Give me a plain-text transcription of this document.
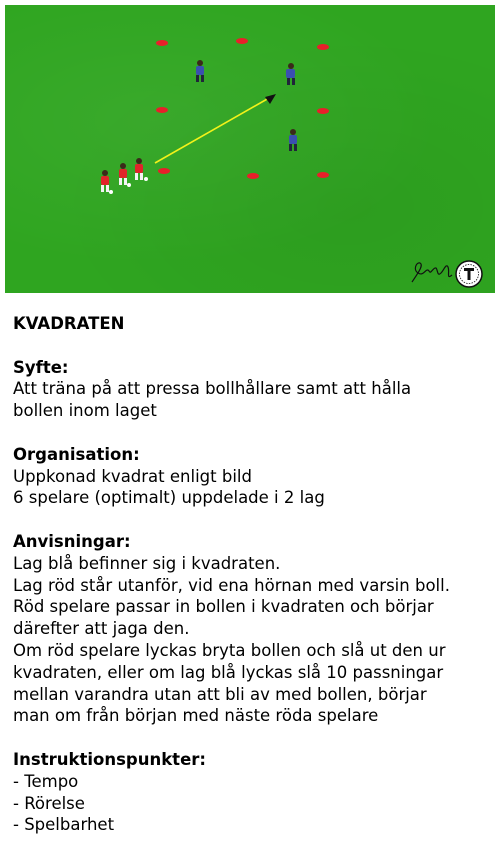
KVADRATEN
Syfte:
Att träna på att pressa bollhållare samt att hålla
bollen inom laget
Organisation:
Uppkonad kvadrat enligt bild
6 spelare (optimalt) uppdelade i 2 lag
Anvisningar:
Lag blå befinner sig i kvadraten.
Lag röd står utanför, vid ena hörnan med varsin boll.
Röd spelare passar in bollen i kvadraten och börjar
därefter att jaga den.
Om röd spelare lyckas bryta bollen och slå ut den ur
kvadraten, eller om lag blå lyckas slå 10 passningar
mellan varandra utan att bli av med bollen, börjar
man om från början med näste röda spelare
Instruktionspunkter:
- Tempo
- Rörelse
- Spelbarhet
